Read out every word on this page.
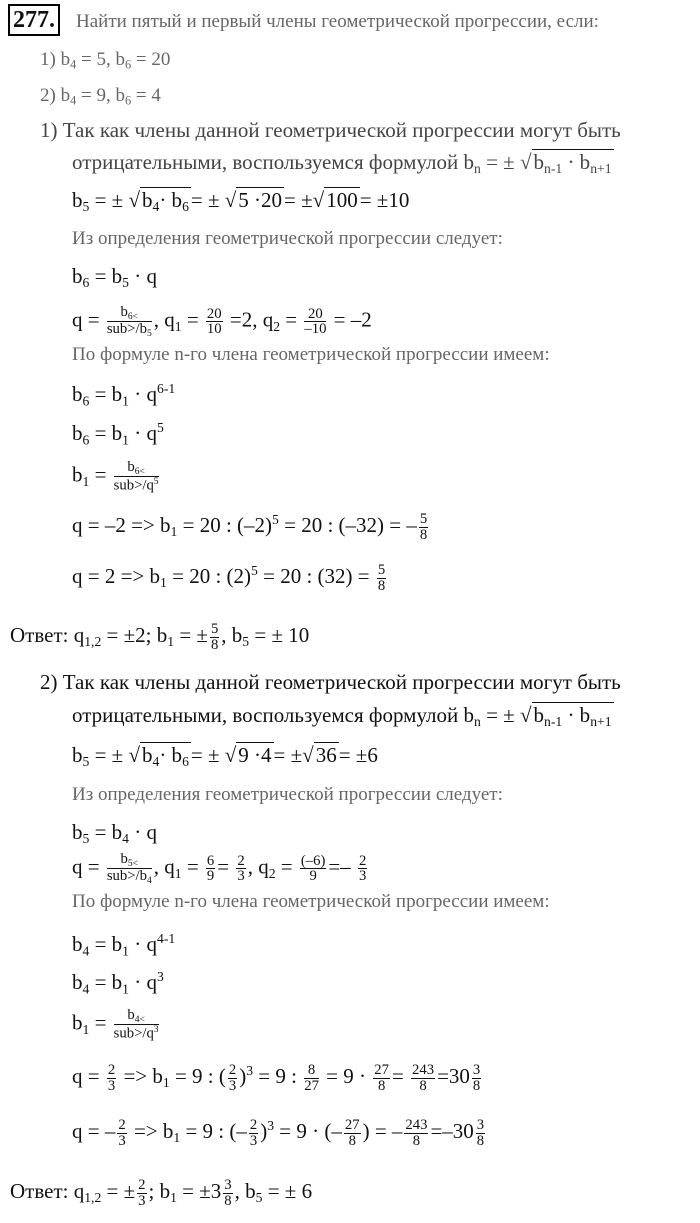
277. Найти пятый и первый члены геометрической прогрессии, если:
1) $b_4 = 5$, $b_6 = 20$
2) $b_4 = 9$, $b_6 = 4$
1) Так как члены данной геометрической прогрессии могут быть
отрицательными, воспользуемся формулой $b_n$ = ± $√b_{n-1} \cdot b_{n+1}$
$b_5$ = ± $√b_4\cdot b_6= \pm √5 \cdot 20= \pm√100= \pm 10$
Из определения геометрической прогрессии следует:
$b_6 = b_5 \cdot q$
$q = \frac{b_{6<}}{sub>/b_5}$ , $q_1 = \frac{20}{10} =2$, $q_2 = \frac{20}{-10} = -2$
По формуле n-го члена геометрической прогрессии имеем:
$b_6 = b_1 \cdot q^{6-1}$
$b_6 = b_1 \cdot q^5$
$b_1 = \frac{b_{6<}}{sub>/q^5}$
$q = -2 => b_1 = 20$ : $(-2)^5 = 20$ : (–32) = – $\frac{5}{8}$
$q = 2 => b_1 = 20$ : $(2)^5 = 20$ : $(32) = \frac{5}{8}$
Ответ: $q_{1,2} = \pm 2$; $b_1$ = ± $\frac{5}{8}$ , $b_5$ = ± 10
2) Так как члены данной геометрической прогрессии могут быть
отрицательными, воспользуемся формулой $b_n$ = ± $√b_{n-1} \cdot b_{n+1}$
$b_5$ = ± $√b_4\cdot b_6= \pm √9 \cdot 4= \pm√36= \pm 6$
Из определения геометрической прогрессии следует:
$b_5 = b_4 \cdot q$
$q = \frac{b_{5<}}{sub>/b_4}$ , $q_1 = \frac{6}{9} = \frac{2}{3}$ , $q_2 = \frac{(-6)}{9} =- \frac{2}{3}$
По формуле n-го члена геометрической прогрессии имеем:
$b_4 = b_1 \cdot q^{4-1}$
$b_4 = b_1 \cdot q^3$
$b_1 = \frac{b_{4<}}{sub>/q^3}$
$q = \frac{2}{3} => b_1 = 9$ : ( $\frac{2}{3} )^3 = 9$ : $\frac{8}{27} = 9 \cdot \frac{27}{8} = \frac{243}{8} =30 \frac{3}{8}$
q = – $\frac{2}{3} => b_1 = 9$ : (– $\frac{2}{3} )^3 = 9$ · (– $\frac{27}{8}$ ) = – $\frac{243}{8} =-30 \frac{3}{8}$
Ответ: $q_{1,2}$ = ± $\frac{2}{3}$ ; $b_1 = \pm 3 \frac{3}{8}$ , $b_5$ = ± 6
